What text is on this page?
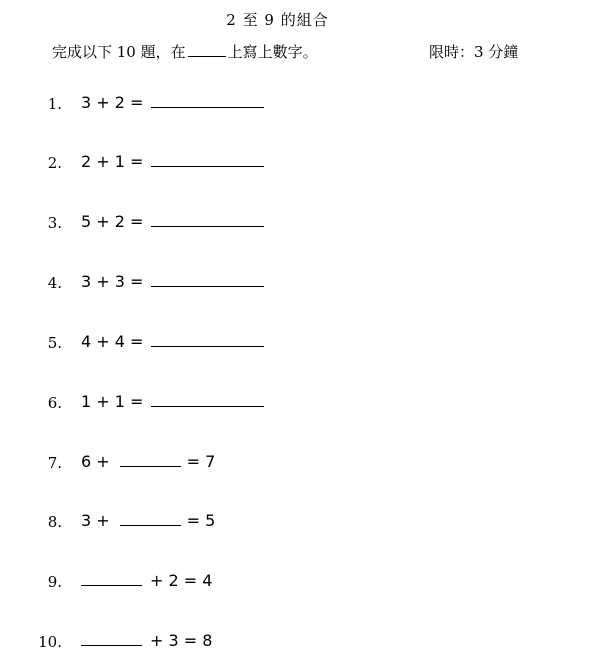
2 至 9 的組合
完成以下 10 題，在	上寫上數字。	限時：3 分鐘
1. 3 + 2 =
2. 2 + 1 =
3. 5 + 2 =
4. 3 + 3 =
5. 4 + 4 =
6. 1 + 1 =
7. 6 +	= 7
8. 3 +	= 5
9.	+ 2 = 4
10.	+ 3 = 8
